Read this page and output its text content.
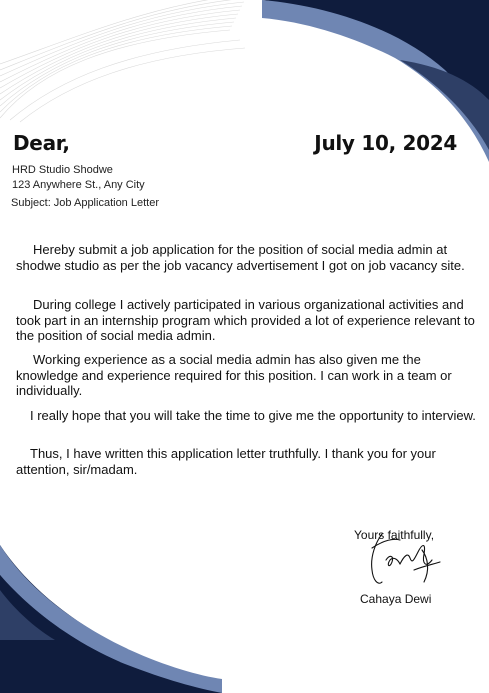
Dear,	July 10, 2024
HRD Studio Shodwe
123 Anywhere St., Any City
Subject: Job Application Letter

Hereby submit a job application for the position of social media admin at shodwe studio as per the job vacancy advertisement I got on job vacancy site.

During college I actively participated in various organizational activities and took part in an internship program which provided a lot of experience relevant to the position of social media admin.

Working experience as a social media admin has also given me the knowledge and experience required for this position. I can work in a team or individually.

I really hope that you will take the time to give me the opportunity to interview.

Thus, I have written this application letter truthfully. I thank you for your attention, sir/madam.

Yours faithfully,
Cahaya Dewi
